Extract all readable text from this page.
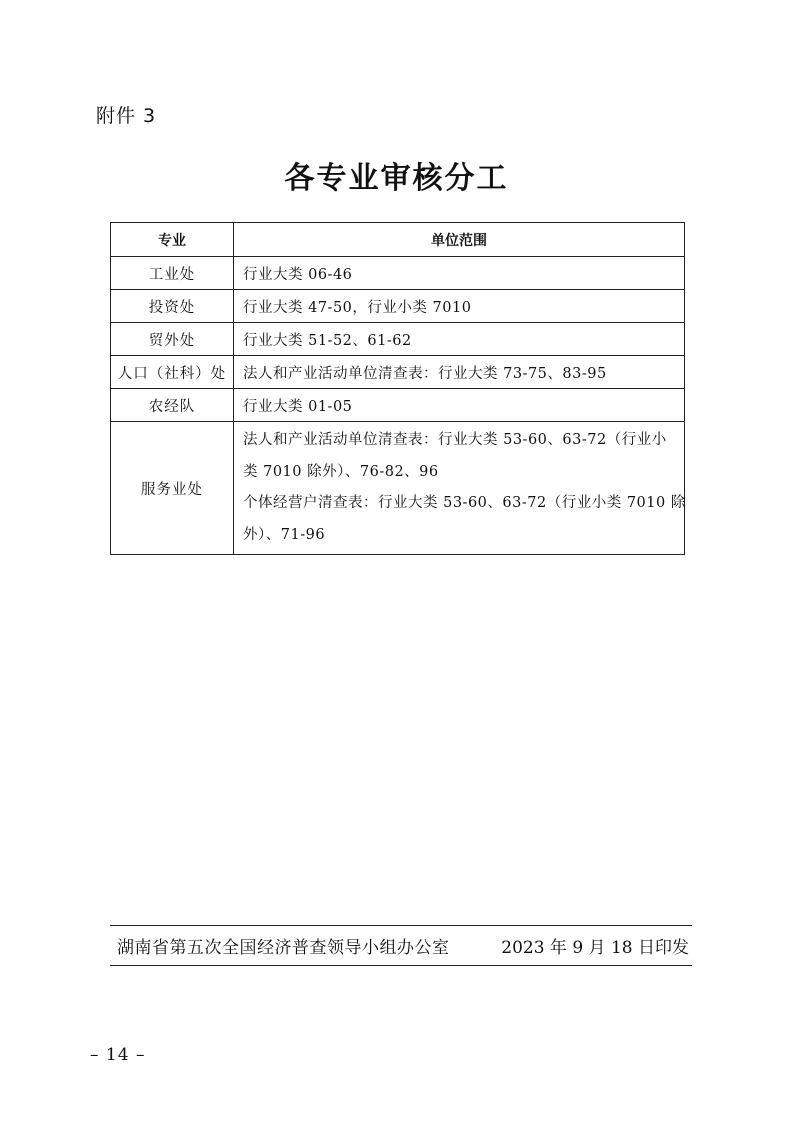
附件 3
各专业审核分工
专业	单位范围
工业处	行业大类 06-46
投资处	行业大类 47-50，行业小类 7010
贸外处	行业大类 51-52、61-62
人口（社科）处	法人和产业活动单位清查表：行业大类 73-75、83-95
农经队	行业大类 01-05
服务业处	法人和产业活动单位清查表：行业大类 53-60、63-72（行业小
类 7010 除外）、76-82、96
个体经营户清查表：行业大类 53-60、63-72（行业小类 7010 除
外）、71-96
湖南省第五次全国经济普查领导小组办公室	2023 年 9 月 18 日印发
– 14 –
